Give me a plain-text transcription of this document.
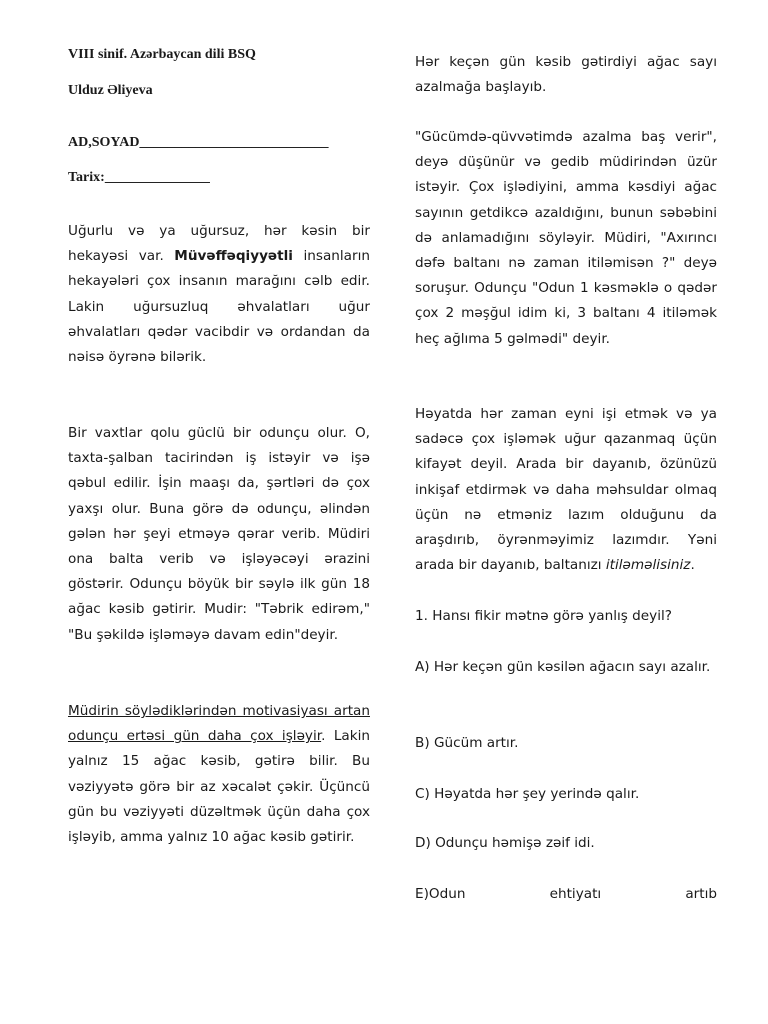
VIII sinif. Azərbaycan dili BSQ
Ulduz Əliyeva
AD,SOYAD___________________________
Tarix:_______________

Uğurlu və ya uğursuz, hər kəsin bir hekayəsi var. Müvəffəqiyyətli insanların hekayələri çox insanın marağını cəlb edir. Lakin uğursuzluq əhvalatları uğur əhvalatları qədər vacibdir və ordandan da nəisə öyrənə bilərik.

Bir vaxtlar qolu güclü bir odunçu olur. O, taxta-şalban tacirindən iş istəyir və işə qəbul edilir. İşin maaşı da, şərtləri də çox yaxşı olur. Buna görə də odunçu, əlindən gələn hər şeyi etməyə qərar verib. Müdiri ona balta verib və işləyəcəyi ərazini göstərir. Odunçu böyük bir səylə ilk gün 18 ağac kəsib gətirir. Mudir: "Təbrik edirəm," "Bu şəkildə işləməyə davam edin"deyir.

Müdirin söylədiklərindən motivasiyası artan odunçu ertəsi gün daha çox işləyir. Lakin yalnız 15 ağac kəsib, gətirə bilir. Bu vəziyyətə görə bir az xəcalət çəkir. Üçüncü gün bu vəziyyəti düzəltmək üçün daha çox işləyib, amma yalnız 10 ağac kəsib gətirir.

Hər keçən gün kəsib gətirdiyi ağac sayı azalmağa başlayıb.

"Gücümdə-qüvvətimdə azalma baş verir", deyə düşünür və gedib müdirindən üzür istəyir. Çox işlədiyini, amma kəsdiyi ağac sayının getdikcə azaldığını, bunun səbəbini də anlamadığını söyləyir. Müdiri, "Axırıncı dəfə baltanı nə zaman itiləmisən ?" deyə soruşur. Odunçu "Odun 1 kəsməklə o qədər çox 2 məşğul idim ki, 3 baltanı 4 itiləmək heç ağlıma 5 gəlmədi" deyir.

Həyatda hər zaman eyni işi etmək və ya sadəcə çox işləmək uğur qazanmaq üçün kifayət deyil. Arada bir dayanıb, özünüzü inkişaf etdirmək və daha məhsuldar olmaq üçün nə etməniz lazım olduğunu da araşdırıb, öyrənməyimiz lazımdır. Yəni arada bir dayanıb, baltanızı itiləməlisiniz.

1. Hansı fikir mətnə görə yanlış deyil?

A) Hər keçən gün kəsilən ağacın sayı azalır.

B) Gücüm artır.

C) Həyatda hər şey yerində qalır.

D) Odunçu həmişə zəif idi.

E)Odun ehtiyatı artıb
